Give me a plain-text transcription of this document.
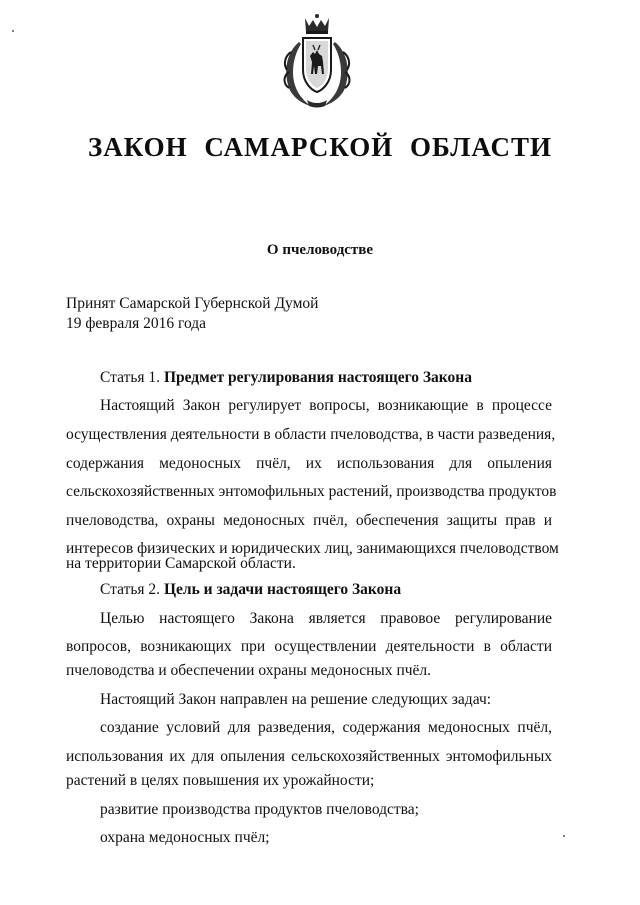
ЗАКОН САМАРСКОЙ ОБЛАСТИ
О пчеловодстве
Принят Самарской Губернской Думой
19 февраля 2016 года
Статья 1. Предмет регулирования настоящего Закона
Настоящий Закон регулирует вопросы, возникающие в процессе
осуществления деятельности в области пчеловодства, в части разведения,
содержания медоносных пчёл, их использования для опыления
сельскохозяйственных энтомофильных растений, производства продуктов
пчеловодства, охраны медоносных пчёл, обеспечения защиты прав и
интересов физических и юридических лиц, занимающихся пчеловодством
на территории Самарской области.
Статья 2. Цель и задачи настоящего Закона
Целью настоящего Закона является правовое регулирование
вопросов, возникающих при осуществлении деятельности в области
пчеловодства и обеспечении охраны медоносных пчёл.
Настоящий Закон направлен на решение следующих задач:
создание условий для разведения, содержания медоносных пчёл,
использования их для опыления сельскохозяйственных энтомофильных
растений в целях повышения их урожайности;
развитие производства продуктов пчеловодства;
охрана медоносных пчёл;
